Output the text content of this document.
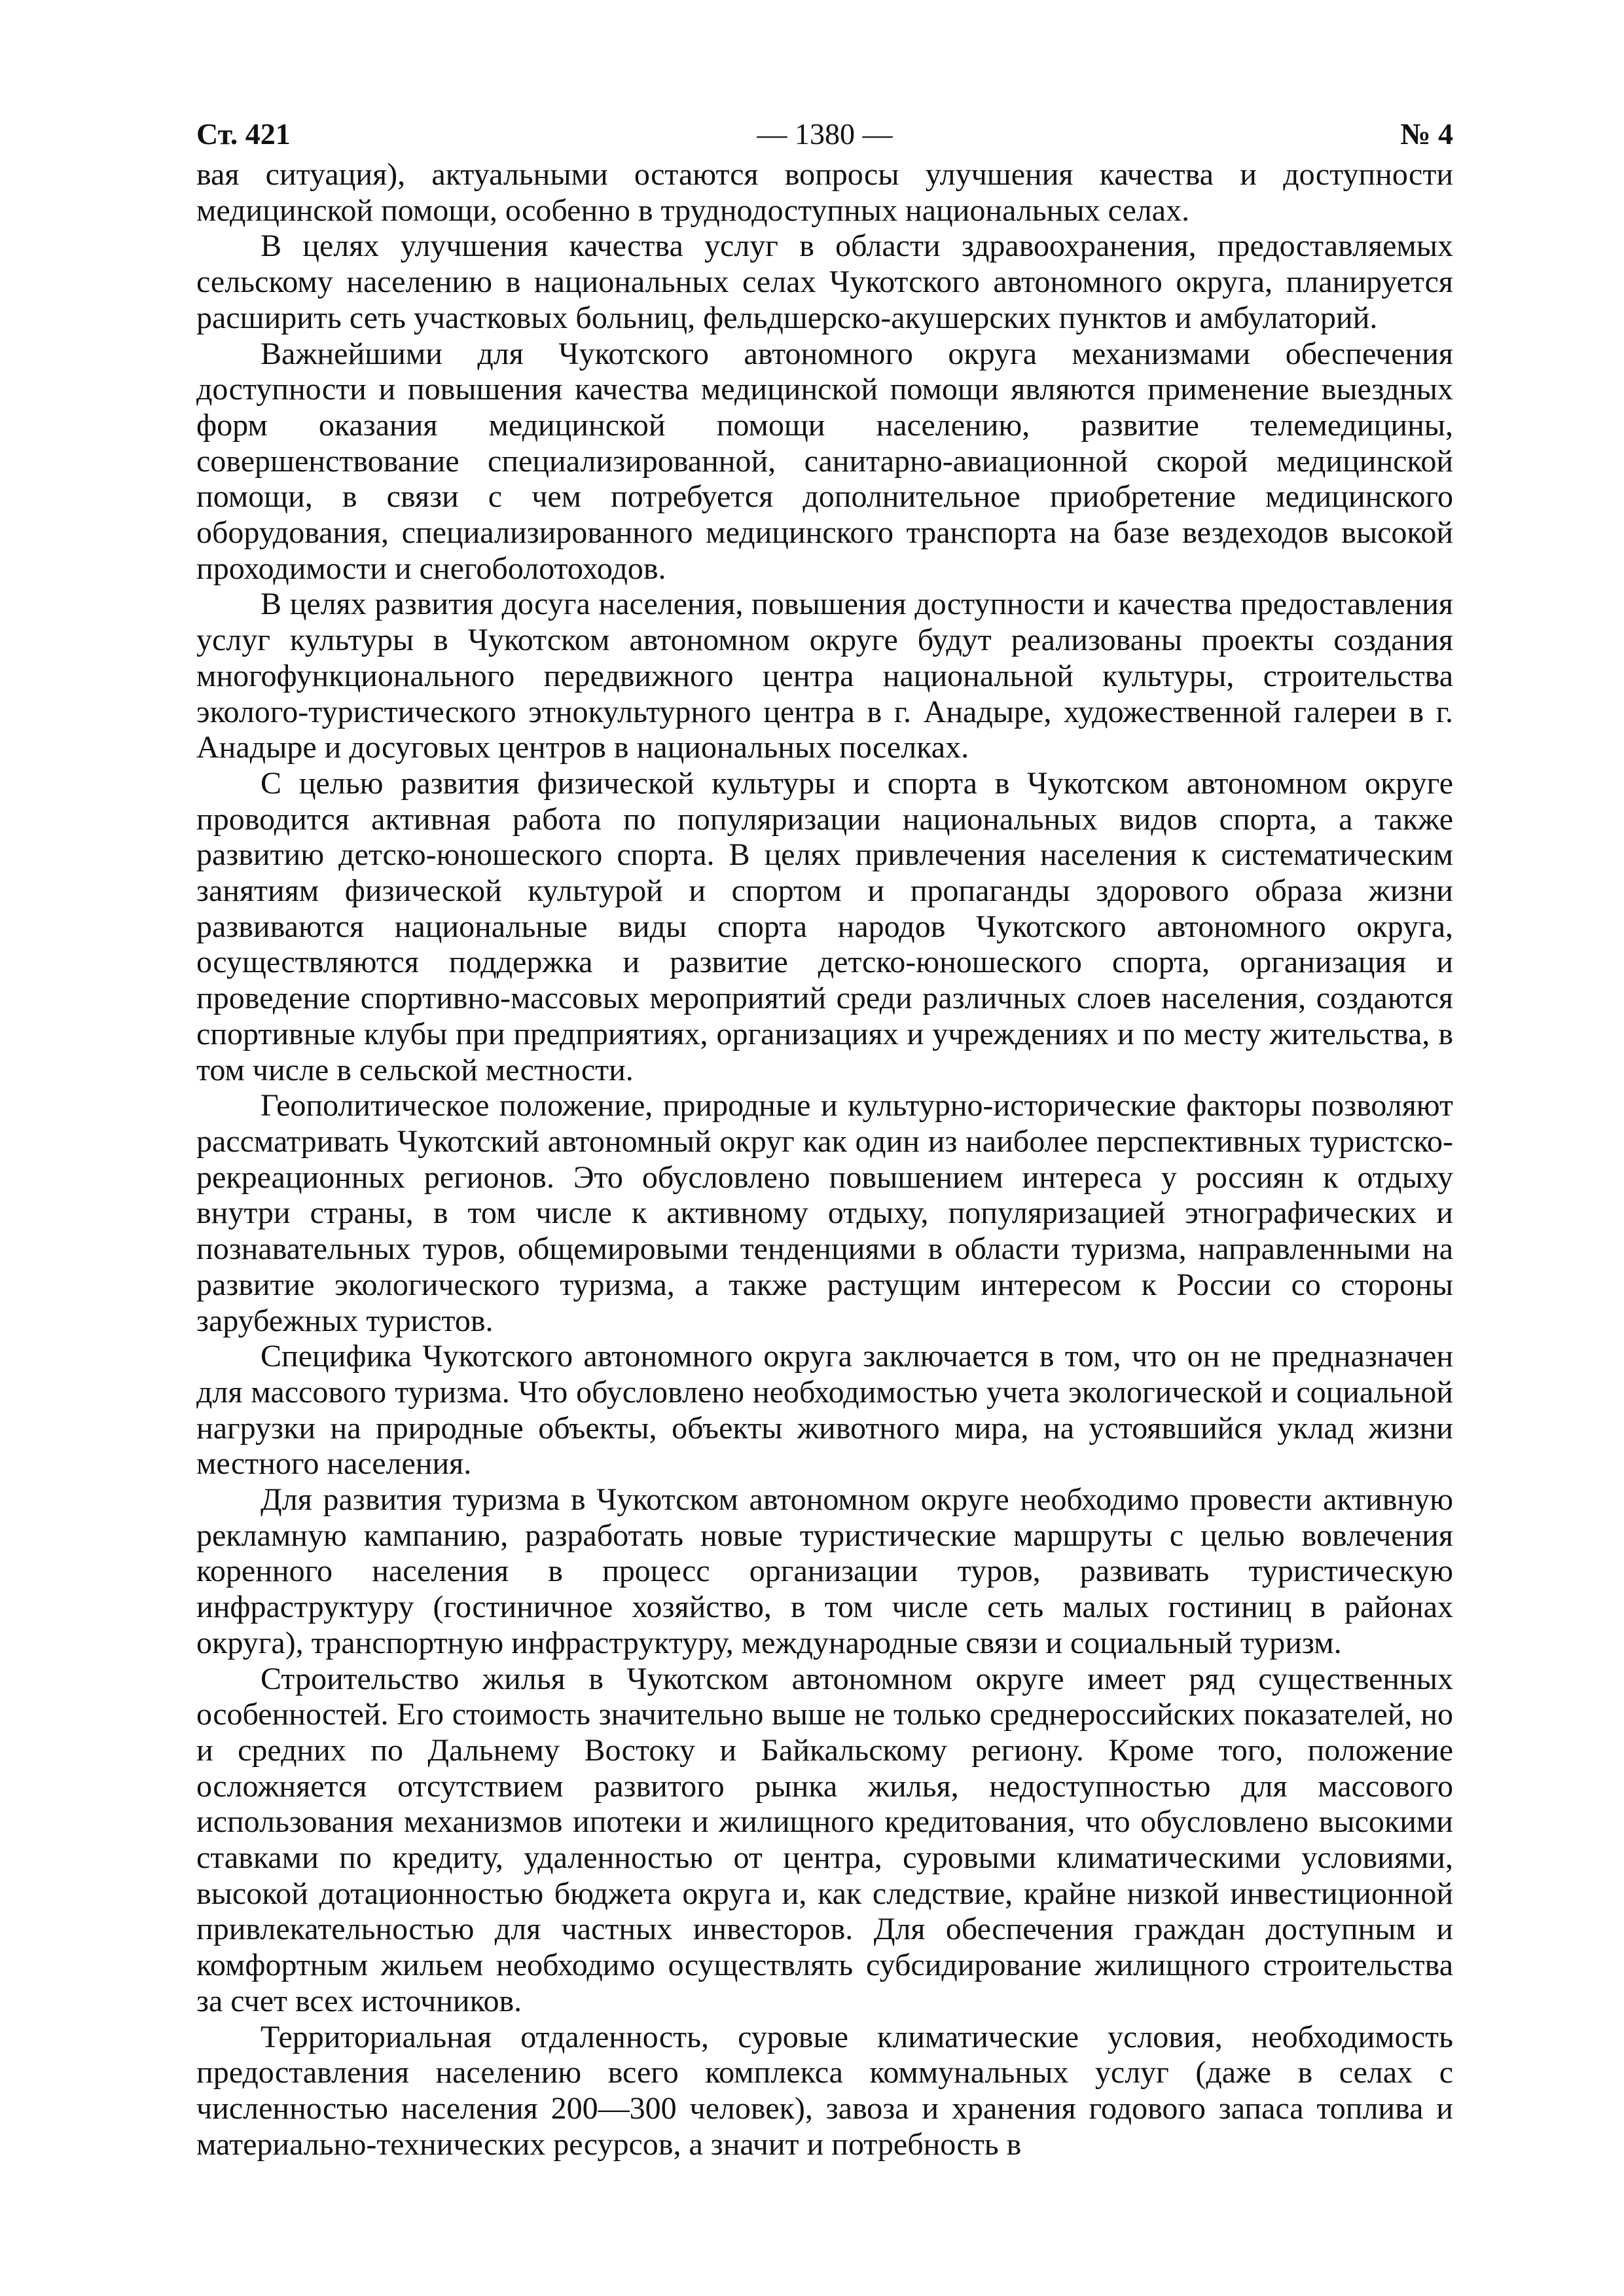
Ст. 421	— 1380 —	№ 4

вая ситуация), актуальными остаются вопросы улучшения качества и доступности медицинской помощи, особенно в труднодоступных национальных селах.

В целях улучшения качества услуг в области здравоохранения, предоставляемых сельскому населению в национальных селах Чукотского автономного округа, планируется расширить сеть участковых больниц, фельдшерско-акушерских пунктов и амбулаторий.

Важнейшими для Чукотского автономного округа механизмами обеспечения доступности и повышения качества медицинской помощи являются применение выездных форм оказания медицинской помощи населению, развитие телемедицины, совершенствование специализированной, санитарно-авиационной скорой медицинской помощи, в связи с чем потребуется дополнительное приобретение медицинского оборудования, специализированного медицинского транспорта на базе вездеходов высокой проходимости и снегоболотоходов.

В целях развития досуга населения, повышения доступности и качества предоставления услуг культуры в Чукотском автономном округе будут реализованы проекты создания многофункционального передвижного центра национальной культуры, строительства эколого-туристического этнокультурного центра в г. Анадыре, художественной галереи в г. Анадыре и досуговых центров в национальных поселках.

С целью развития физической культуры и спорта в Чукотском автономном округе проводится активная работа по популяризации национальных видов спорта, а также развитию детско-юношеского спорта. В целях привлечения населения к систематическим занятиям физической культурой и спортом и пропаганды здорового образа жизни развиваются национальные виды спорта народов Чукотского автономного округа, осуществляются поддержка и развитие детско-юношеского спорта, организация и проведение спортивно-массовых мероприятий среди различных слоев населения, создаются спортивные клубы при предприятиях, организациях и учреждениях и по месту жительства, в том числе в сельской местности.

Геополитическое положение, природные и культурно-исторические факторы позволяют рассматривать Чукотский автономный округ как один из наиболее перспективных туристско-рекреационных регионов. Это обусловлено повышением интереса у россиян к отдыху внутри страны, в том числе к активному отдыху, популяризацией этнографических и познавательных туров, общемировыми тенденциями в области туризма, направленными на развитие экологического туризма, а также растущим интересом к России со стороны зарубежных туристов.

Специфика Чукотского автономного округа заключается в том, что он не предназначен для массового туризма. Что обусловлено необходимостью учета экологической и социальной нагрузки на природные объекты, объекты животного мира, на устоявшийся уклад жизни местного населения.

Для развития туризма в Чукотском автономном округе необходимо провести активную рекламную кампанию, разработать новые туристические маршруты с целью вовлечения коренного населения в процесс организации туров, развивать туристическую инфраструктуру (гостиничное хозяйство, в том числе сеть малых гостиниц в районах округа), транспортную инфраструктуру, международные связи и социальный туризм.

Строительство жилья в Чукотском автономном округе имеет ряд существенных особенностей. Его стоимость значительно выше не только среднероссийских показателей, но и средних по Дальнему Востоку и Байкальскому региону. Кроме того, положение осложняется отсутствием развитого рынка жилья, недоступностью для массового использования механизмов ипотеки и жилищного кредитования, что обусловлено высокими ставками по кредиту, удаленностью от центра, суровыми климатическими условиями, высокой дотационностью бюджета округа и, как следствие, крайне низкой инвестиционной привлекательностью для частных инвесторов. Для обеспечения граждан доступным и комфортным жильем необходимо осуществлять субсидирование жилищного строительства за счет всех источников.

Территориальная отдаленность, суровые климатические условия, необходимость предоставления населению всего комплекса коммунальных услуг (даже в селах с численностью населения 200—300 человек), завоза и хранения годового запаса топлива и материально-технических ресурсов, а значит и потребность в
